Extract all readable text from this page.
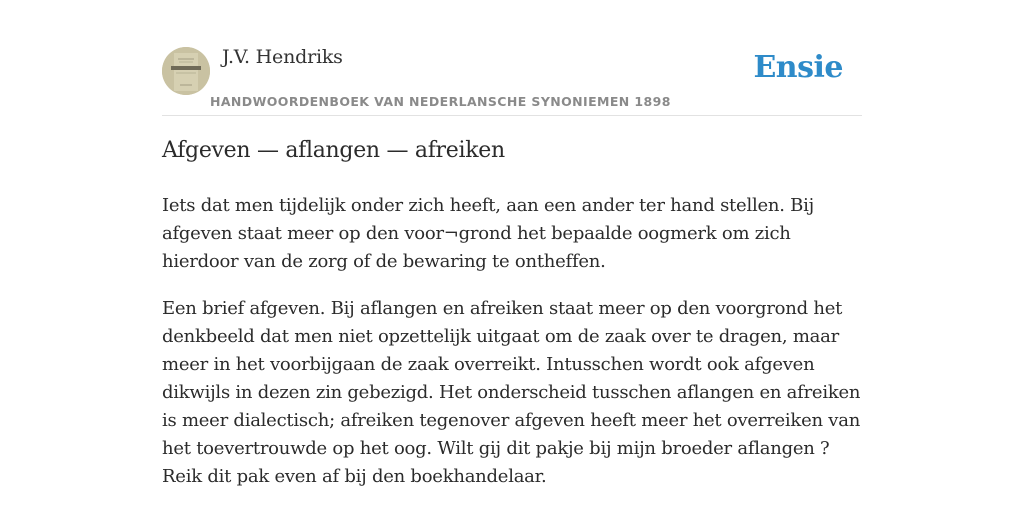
J.V. Hendriks
HANDWOORDENBOEK VAN NEDERLANSCHE SYNONIEMEN 1898
Ensie
Afgeven — aflangen — afreiken

Iets dat men tijdelijk onder zich heeft, aan een ander ter hand stellen. Bij afgeven staat meer op den voor¬grond het bepaalde oogmerk om zich hierdoor van de zorg of de bewaring te ontheffen.

Een brief afgeven. Bij aflangen en afreiken staat meer op den voorgrond het denkbeeld dat men niet opzettelijk uitgaat om de zaak over te dragen, maar meer in het voorbijgaan de zaak overreikt. Intusschen wordt ook afgeven dikwijls in dezen zin gebezigd. Het onderscheid tusschen aflangen en afreiken is meer dialectisch; afreiken tegenover afgeven heeft meer het overreiken van het toevertrouwde op het oog. Wilt gij dit pakje bij mijn broeder aflangen ? Reik dit pak even af bij den boekhandelaar.
